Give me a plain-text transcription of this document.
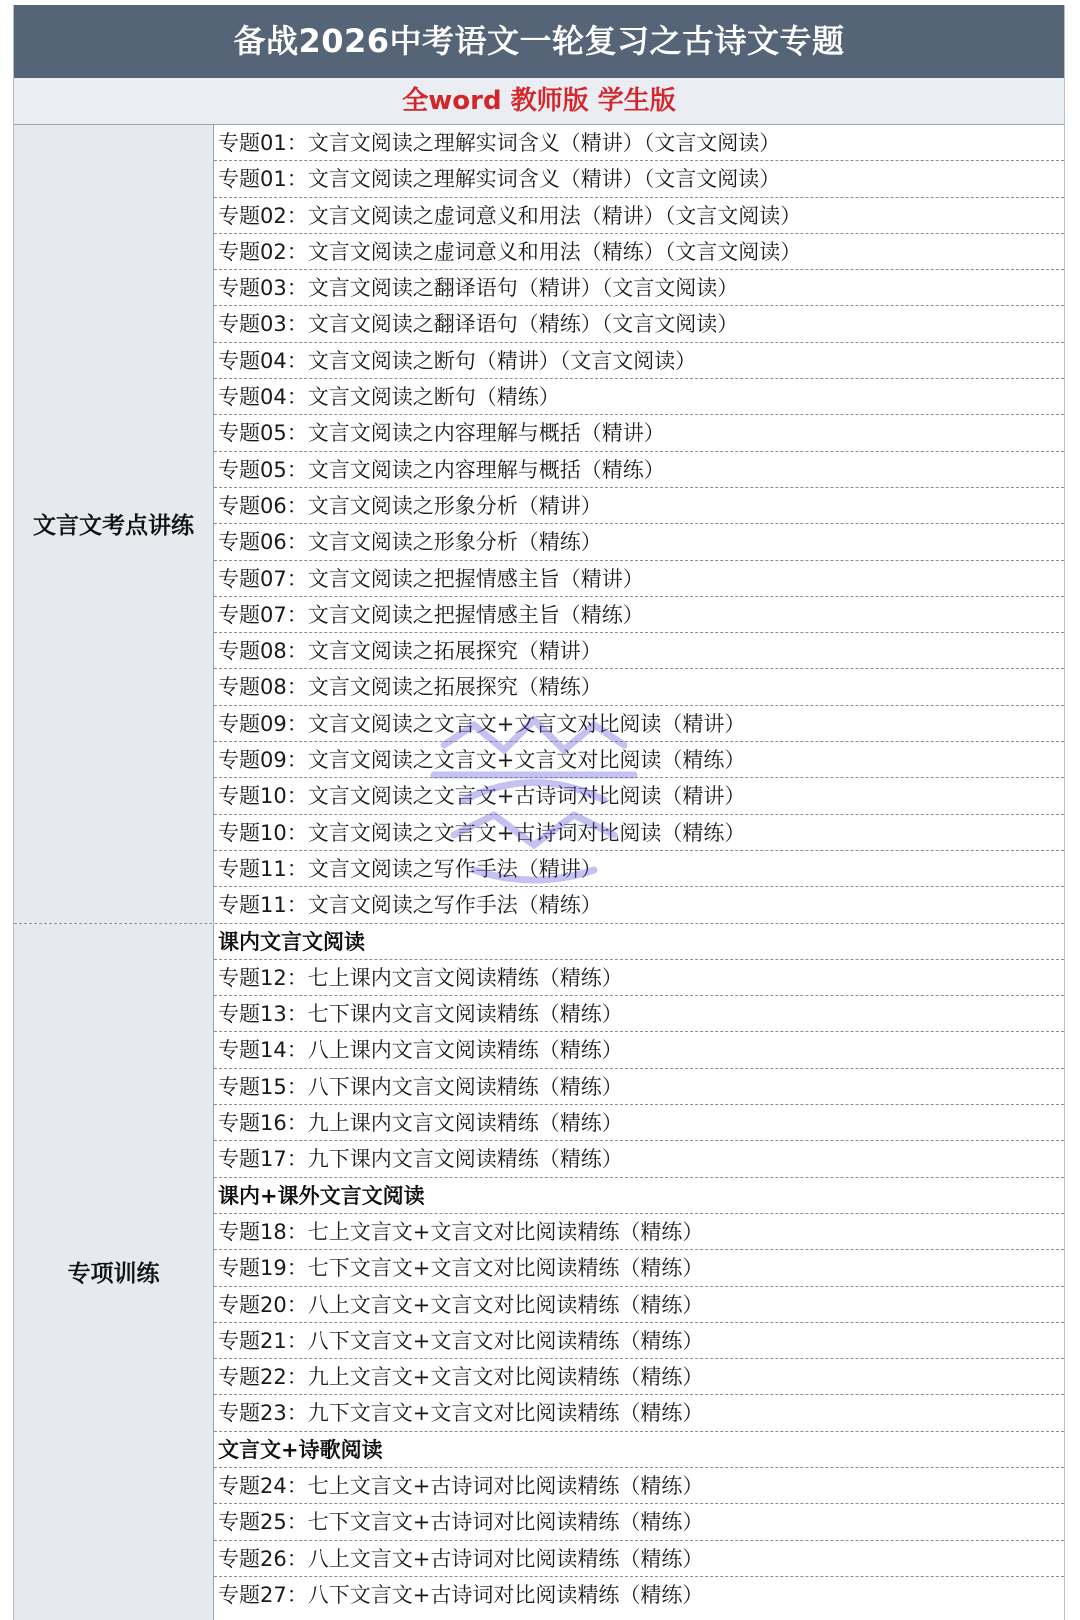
备战2026中考语文一轮复习之古诗文专题
全word 教师版 学生版
文言文考点讲练
专题01：文言文阅读之理解实词含义（精讲）（文言文阅读）
专题01：文言文阅读之理解实词含义（精讲）（文言文阅读）
专题02：文言文阅读之虚词意义和用法（精讲）（文言文阅读）
专题02：文言文阅读之虚词意义和用法（精练）（文言文阅读）
专题03：文言文阅读之翻译语句（精讲）（文言文阅读）
专题03：文言文阅读之翻译语句（精练）（文言文阅读）
专题04：文言文阅读之断句（精讲）（文言文阅读）
专题04：文言文阅读之断句（精练）
专题05：文言文阅读之内容理解与概括（精讲）
专题05：文言文阅读之内容理解与概括（精练）
专题06：文言文阅读之形象分析（精讲）
专题06：文言文阅读之形象分析（精练）
专题07：文言文阅读之把握情感主旨（精讲）
专题07：文言文阅读之把握情感主旨（精练）
专题08：文言文阅读之拓展探究（精讲）
专题08：文言文阅读之拓展探究（精练）
专题09：文言文阅读之文言文+文言文对比阅读（精讲）
专题09：文言文阅读之文言文+文言文对比阅读（精练）
专题10：文言文阅读之文言文+古诗词对比阅读（精讲）
专题10：文言文阅读之文言文+古诗词对比阅读（精练）
专题11：文言文阅读之写作手法（精讲）
专题11：文言文阅读之写作手法（精练）
专项训练
课内文言文阅读
专题12：七上课内文言文阅读精练（精练）
专题13：七下课内文言文阅读精练（精练）
专题14：八上课内文言文阅读精练（精练）
专题15：八下课内文言文阅读精练（精练）
专题16：九上课内文言文阅读精练（精练）
专题17：九下课内文言文阅读精练（精练）
课内+课外文言文阅读
专题18：七上文言文+文言文对比阅读精练（精练）
专题19：七下文言文+文言文对比阅读精练（精练）
专题20：八上文言文+文言文对比阅读精练（精练）
专题21：八下文言文+文言文对比阅读精练（精练）
专题22：九上文言文+文言文对比阅读精练（精练）
专题23：九下文言文+文言文对比阅读精练（精练）
文言文+诗歌阅读
专题24：七上文言文+古诗词对比阅读精练（精练）
专题25：七下文言文+古诗词对比阅读精练（精练）
专题26：八上文言文+古诗词对比阅读精练（精练）
专题27：八下文言文+古诗词对比阅读精练（精练）
